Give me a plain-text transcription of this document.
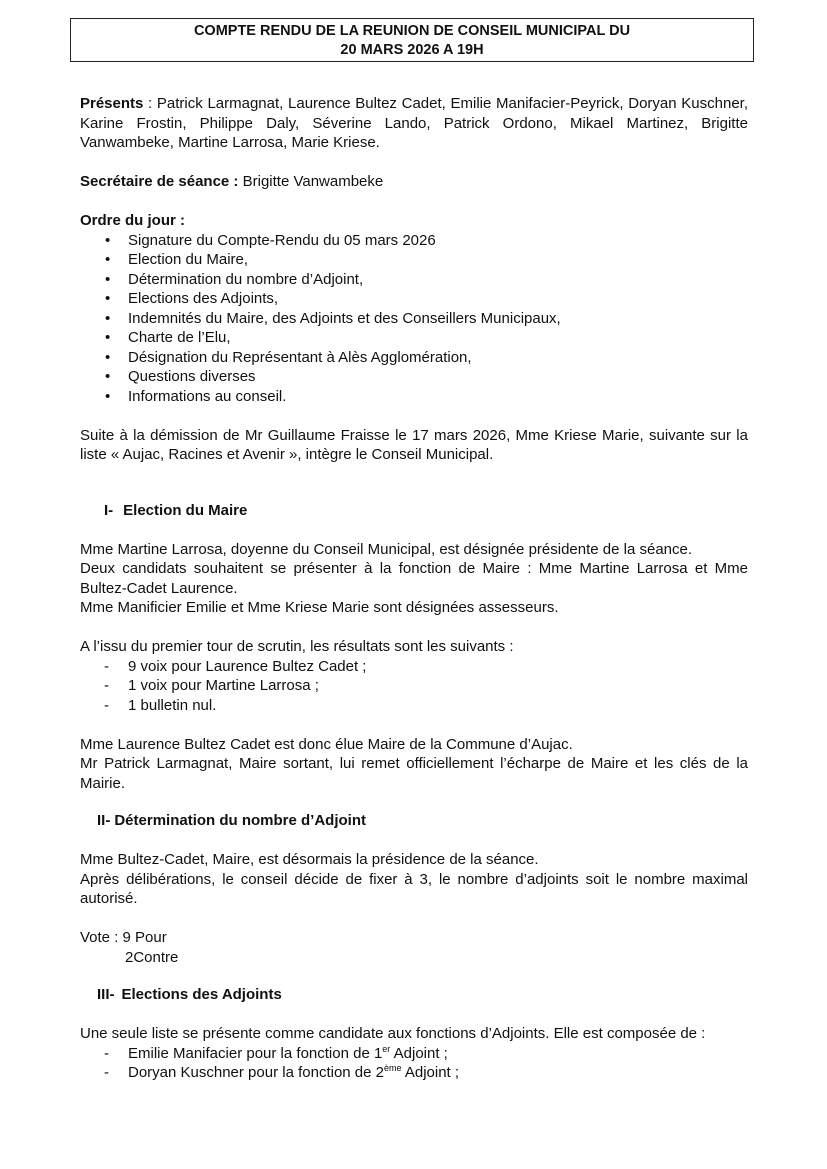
COMPTE RENDU DE LA REUNION DE CONSEIL MUNICIPAL DU
20 MARS 2026 A 19H

Présents : Patrick Larmagnat, Laurence Bultez Cadet, Emilie Manifacier-Peyrick, Doryan Kuschner, Karine Frostin, Philippe Daly, Séverine Lando, Patrick Ordono, Mikael Martinez, Brigitte Vanwambeke, Martine Larrosa, Marie Kriese.

Secrétaire de séance : Brigitte Vanwambeke

Ordre du jour :

• Signature du Compte-Rendu du 05 mars 2026
• Election du Maire,
• Détermination du nombre d’Adjoint,
• Elections des Adjoints,
• Indemnités du Maire, des Adjoints et des Conseillers Municipaux,
• Charte de l’Elu,
• Désignation du Représentant à Alès Agglomération,
• Questions diverses
• Informations au conseil.

Suite à la démission de Mr Guillaume Fraisse le 17 mars 2026, Mme Kriese Marie, suivante sur la liste « Aujac, Racines et Avenir », intègre le Conseil Municipal.

I- Election du Maire

Mme Martine Larrosa, doyenne du Conseil Municipal, est désignée présidente de la séance.

Deux candidats souhaitent se présenter à la fonction de Maire : Mme Martine Larrosa et Mme Bultez-Cadet Laurence.

Mme Manificier Emilie et Mme Kriese Marie sont désignées assesseurs.

A l’issu du premier tour de scrutin, les résultats sont les suivants :

- 9 voix pour Laurence Bultez Cadet ;
- 1 voix pour Martine Larrosa ;
- 1 bulletin nul.

Mme Laurence Bultez Cadet est donc élue Maire de la Commune d’Aujac.

Mr Patrick Larmagnat, Maire sortant, lui remet officiellement l’écharpe de Maire et les clés de la Mairie.

II- Détermination du nombre d’Adjoint

Mme Bultez-Cadet, Maire, est désormais la présidence de la séance.

Après délibérations, le conseil décide de fixer à 3, le nombre d’adjoints soit le nombre maximal autorisé.

Vote : 9 Pour

2Contre

III- Elections des Adjoints

Une seule liste se présente comme candidate aux fonctions d’Adjoints. Elle est composée de :

- Emilie Manifacier pour la fonction de 1er Adjoint ;
- Doryan Kuschner pour la fonction de 2ème Adjoint ;
